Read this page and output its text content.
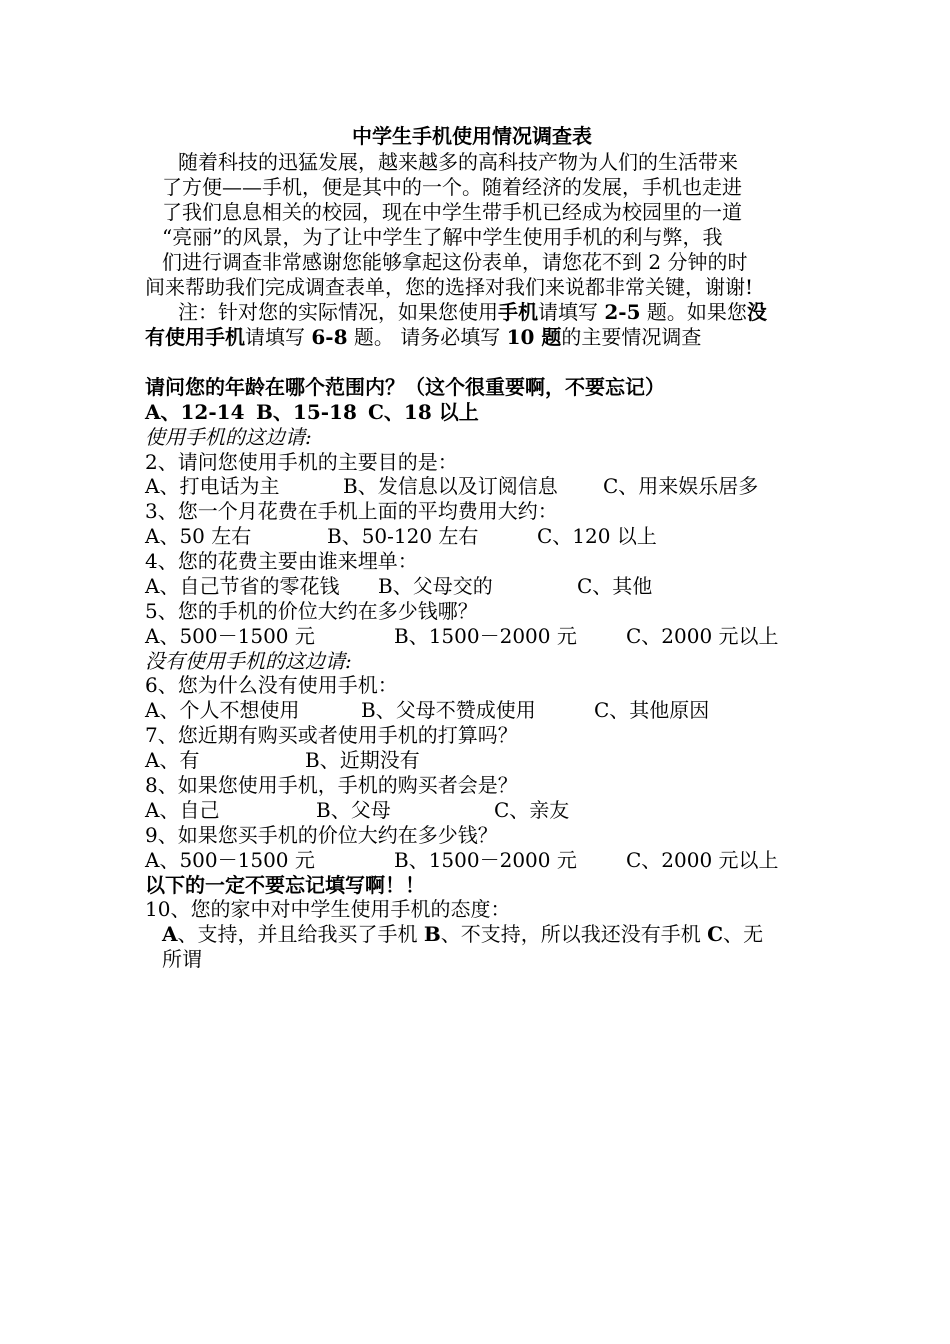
中学生手机使用情况调查表
随着科技的迅猛发展，越来越多的高科技产物为人们的生活带来
了方便——手机，便是其中的一个。随着经济的发展，手机也走进
了我们息息相关的校园，现在中学生带手机已经成为校园里的一道
“亮丽”的风景，为了让中学生了解中学生使用手机的利与弊，我
们进行调查非常感谢您能够拿起这份表单，请您花不到 2 分钟的时
间来帮助我们完成调查表单，您的选择对我们来说都非常关键，谢谢!
注：针对您的实际情况，如果您使用手机请填写 2-5 题。如果您没
有使用手机请填写 6-8 题。 请务必填写 10 题的主要情况调查
请问您的年龄在哪个范围内？（这个很重要啊，不要忘记）
A、12-14 B、15-18 C、18 以上
使用手机的这边请:
2、请问您使用手机的主要目的是：
A、打电话为主	B、发信息以及订阅信息 C、用来娱乐居多
3、您一个月花费在手机上面的平均费用大约：
A、50 左右	B、50-120 左右	C、120 以上
4、您的花费主要由谁来埋单：
A、自己节省的零花钱 B、父母交的	C、其他
5、您的手机的价位大约在多少钱哪？
A、500－1500 元	B、1500－2000 元 C、2000 元以上
没有使用手机的这边请:
6、您为什么没有使用手机：
A、个人不想使用	B、父母不赞成使用	C、其他原因
7、您近期有购买或者使用手机的打算吗？
A、有	B、近期没有
8、如果您使用手机，手机的购买者会是？
A、自己	B、父母	C、亲友
9、如果您买手机的价位大约在多少钱？
A、500－1500 元	B、1500－2000 元 C、2000 元以上
以下的一定不要忘记填写啊！！
10、您的家中对中学生使用手机的态度：
A、支持，并且给我买了手机 B、不支持，所以我还没有手机 C、无
所谓
